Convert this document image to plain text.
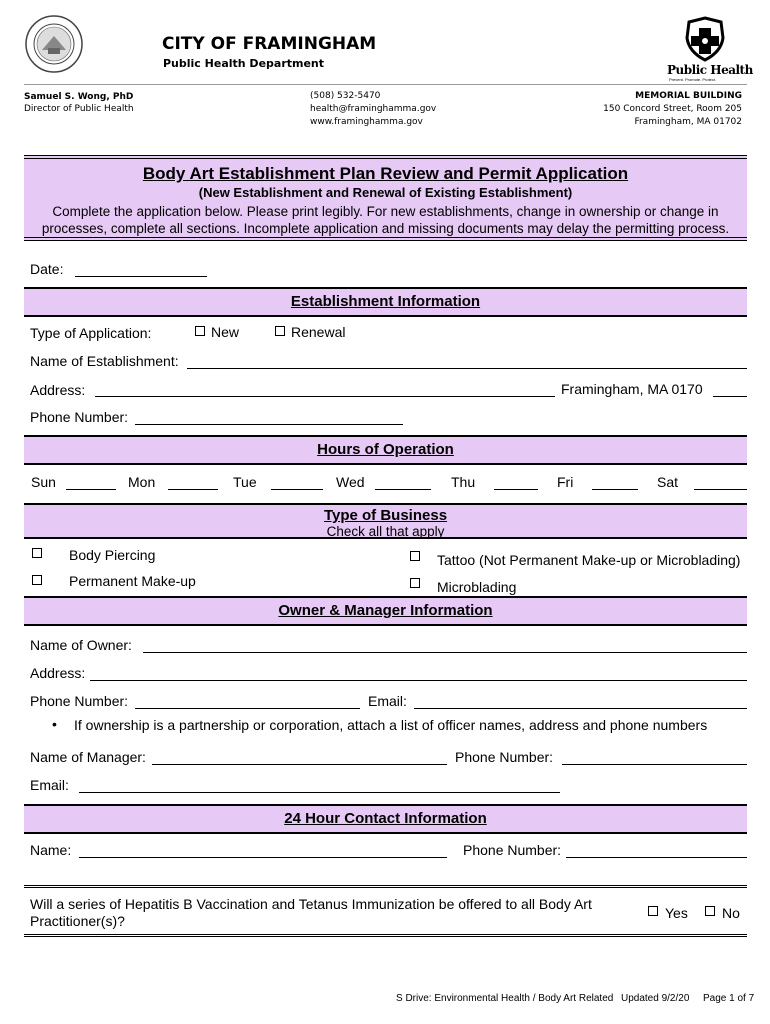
CITY OF FRAMINGHAM
Public Health Department	Public Health
Prevent. Promote. Protect.
Samuel S. Wong, PhD
Director of Public Health
(508) 532-5470
health@framinghamma.gov
www.framinghamma.gov
MEMORIAL BUILDING
150 Concord Street, Room 205
Framingham, MA 01702
Body Art Establishment Plan Review and Permit Application
(New Establishment and Renewal of Existing Establishment)
Complete the application below. Please print legibly. For new establishments, change in ownership or change in
processes, complete all sections. Incomplete application and missing documents may delay the permitting process.
Date:
Establishment Information
Type of Application:	New	Renewal
Name of Establishment:
Address:	Framingham, MA 0170
Phone Number:
Hours of Operation
Sun	Mon	Tue	Wed	Thu	Fri	Sat
Type of Business
Check all that apply
Body Piercing	Tattoo (Not Permanent Make-up or Microblading)
Permanent Make-up	Microblading
Owner & Manager Information
Name of Owner:
Address:
Phone Number:	Email:
• If ownership is a partnership or corporation, attach a list of officer names, address and phone numbers
Name of Manager:	Phone Number:
Email:
24 Hour Contact Information
Name:	Phone Number:
Will a series of Hepatitis B Vaccination and Tetanus Immunization be offered to all Body Art
Practitioner(s)?	Yes No
S Drive: Environmental Health / Body Art Related Updated 9/2/20 Page 1 of 7
